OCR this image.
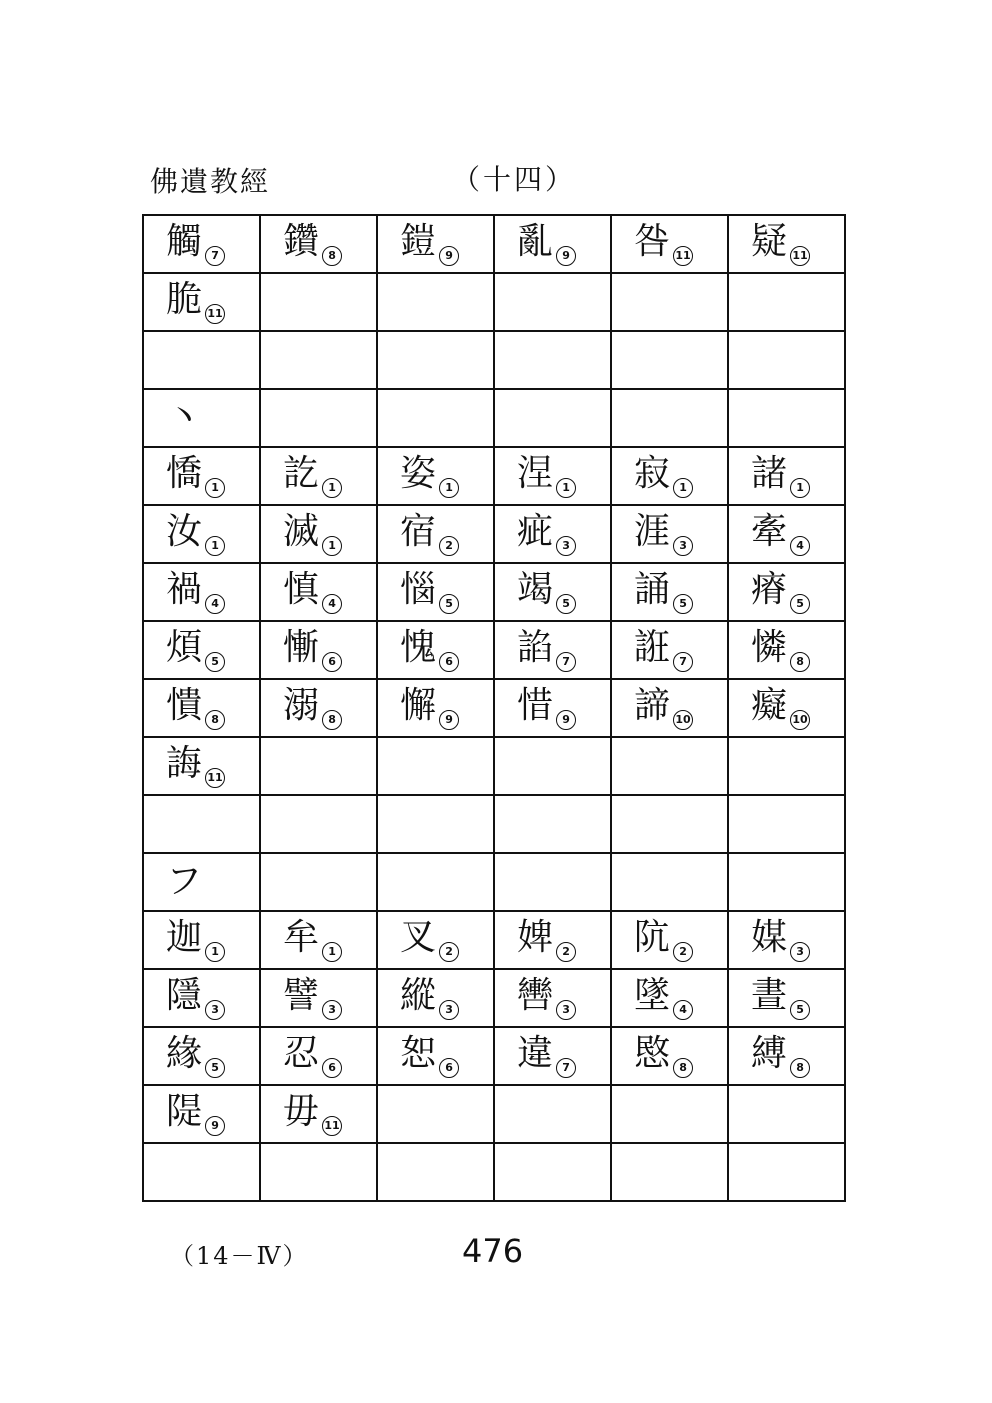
佛遺教經	（十四）
觸 7	鑽 8	鎧 9	亂 9	咎 11	疑 11
脆 11					

丶					
憍 1	訖 1	姿 1	涅 1	寂 1	諸 1
汝 1	滅 1	宿 2	疵 3	涯 3	牽 4
禍 4	慎 4	惱 5	竭 5	誦 5	瘠 5
煩 5	慚 6	愧 6	諂 7	誑 7	憐 8
憒 8	溺 8	懈 9	惜 9	諦 10	癡 10
誨 11					

フ					
迦 1	牟 1	叉 2	婢 2	阬 2	媒 3
隱 3	譬 3	縱 3	轡 3	墜 4	晝 5
緣 5	忍 6	恕 6	違 7	愍 8	縛 8
隄 9	毋 11				

（14－Ⅳ）	476
